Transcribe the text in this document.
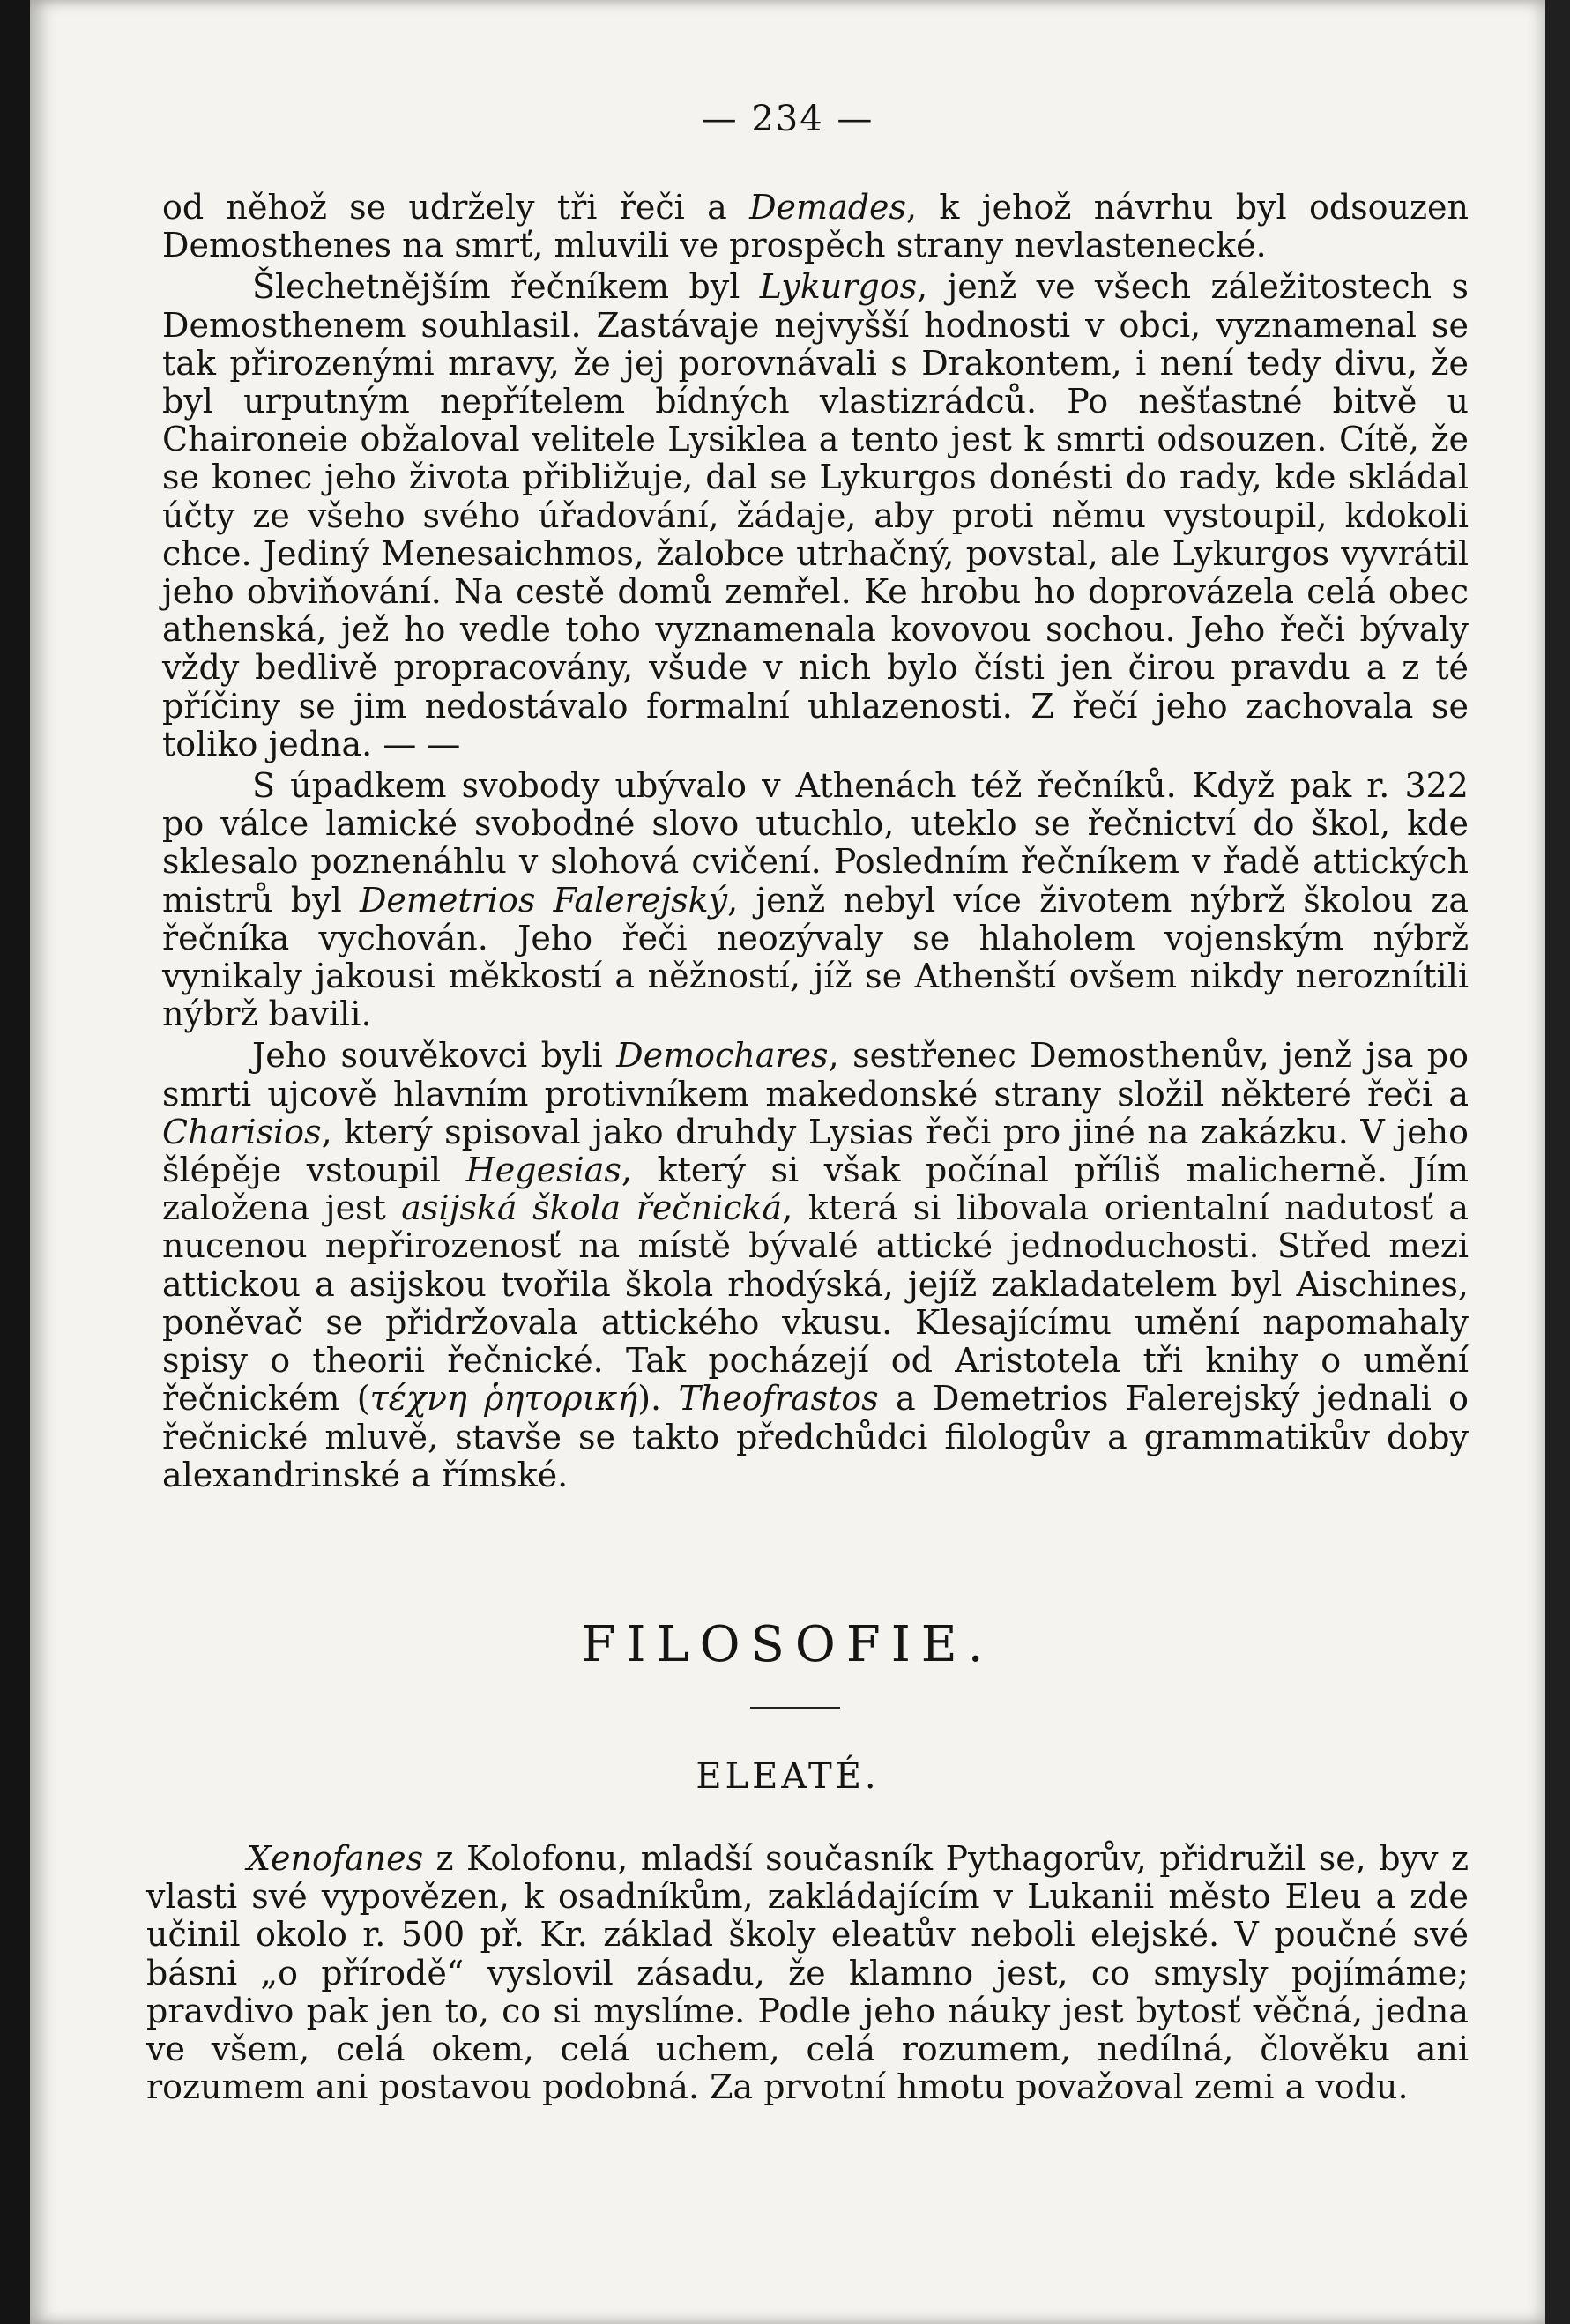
— 234 —

od něhož se udržely tři řeči a Demades, k jehož návrhu byl odsouzen Demosthenes na smrť, mluvili ve prospěch strany nevlastenecké.

Šlechetnějším řečníkem byl Lykurgos, jenž ve všech záležitostech s Demosthenem souhlasil. Zastávaje nejvyšší hodnosti v obci, vyznamenal se tak přirozenými mravy, že jej porovnávali s Drakontem, i není tedy divu, že byl urputným nepřítelem bídných vlastizrádců. Po nešťastné bitvě u Chaironeie obžaloval velitele Lysiklea a tento jest k smrti odsouzen. Cítě, že se konec jeho života přibližuje, dal se Lykurgos donésti do rady, kde skládal účty ze všeho svého úřadování, žádaje, aby proti němu vystoupil, kdokoli chce. Jediný Menesaichmos, žalobce utrhačný, povstal, ale Lykurgos vyvrátil jeho obviňování. Na cestě domů zemřel. Ke hrobu ho doprovázela celá obec athenská, jež ho vedle toho vyznamenala kovovou sochou. Jeho řeči bývaly vždy bedlivě propracovány, všude v nich bylo čísti jen čirou pravdu a z té příčiny se jim nedostávalo formalní uhlazenosti. Z řečí jeho zachovala se toliko jedna. — —

S úpadkem svobody ubývalo v Athenách též řečníků. Když pak r. 322 po válce lamické svobodné slovo utuchlo, uteklo se řečnictví do škol, kde sklesalo poznenáhlu v slohová cvičení. Posledním řečníkem v řadě attických mistrů byl Demetrios Falerejský, jenž nebyl více životem nýbrž školou za řečníka vychován. Jeho řeči neozývaly se hlaholem vojenským nýbrž vynikaly jakousi měkkostí a něžností, jíž se Athenští ovšem nikdy neroznítili nýbrž bavili.

Jeho souvěkovci byli Demochares, sestřenec Demosthenův, jenž jsa po smrti ujcově hlavním protivníkem makedonské strany složil některé řeči a Charisios, který spisoval jako druhdy Lysias řeči pro jiné na zakázku. V jeho šlépěje vstoupil Hegesias, který si však počínal příliš malicherně. Jím založena jest asijská škola řečnická, která si libovala orientalní nadutosť a nucenou nepřirozenosť na místě bývalé attické jednoduchosti. Střed mezi attickou a asijskou tvořila škola rhodýská, jejíž zakladatelem byl Aischines, poněvač se přidržovala attického vkusu. Klesajícímu umění napomahaly spisy o theorii řečnické. Tak pocházejí od Aristotela tři knihy o umění řečnickém (τέχνη ῥητορική). Theofrastos a Demetrios Falerejský jednali o řečnické mluvě, stavše se takto předchůdci filologův a grammatikův doby alexandrinské a římské.

FILOSOFIE.
ELEATÉ.

Xenofanes z Kolofonu, mladší současník Pythagorův, přidružil se, byv z vlasti své vypovězen, k osadníkům, zakládajícím v Lukanii město Eleu a zde učinil okolo r. 500 př. Kr. základ školy eleatův neboli elejské. V poučné své básni „o přírodě“ vyslovil zásadu, že klamno jest, co smysly pojímáme; pravdivo pak jen to, co si myslíme. Podle jeho náuky jest bytosť věčná, jedna ve všem, celá okem, celá uchem, celá rozumem, nedílná, člověku ani rozumem ani postavou podobná. Za prvotní hmotu považoval zemi a vodu.
